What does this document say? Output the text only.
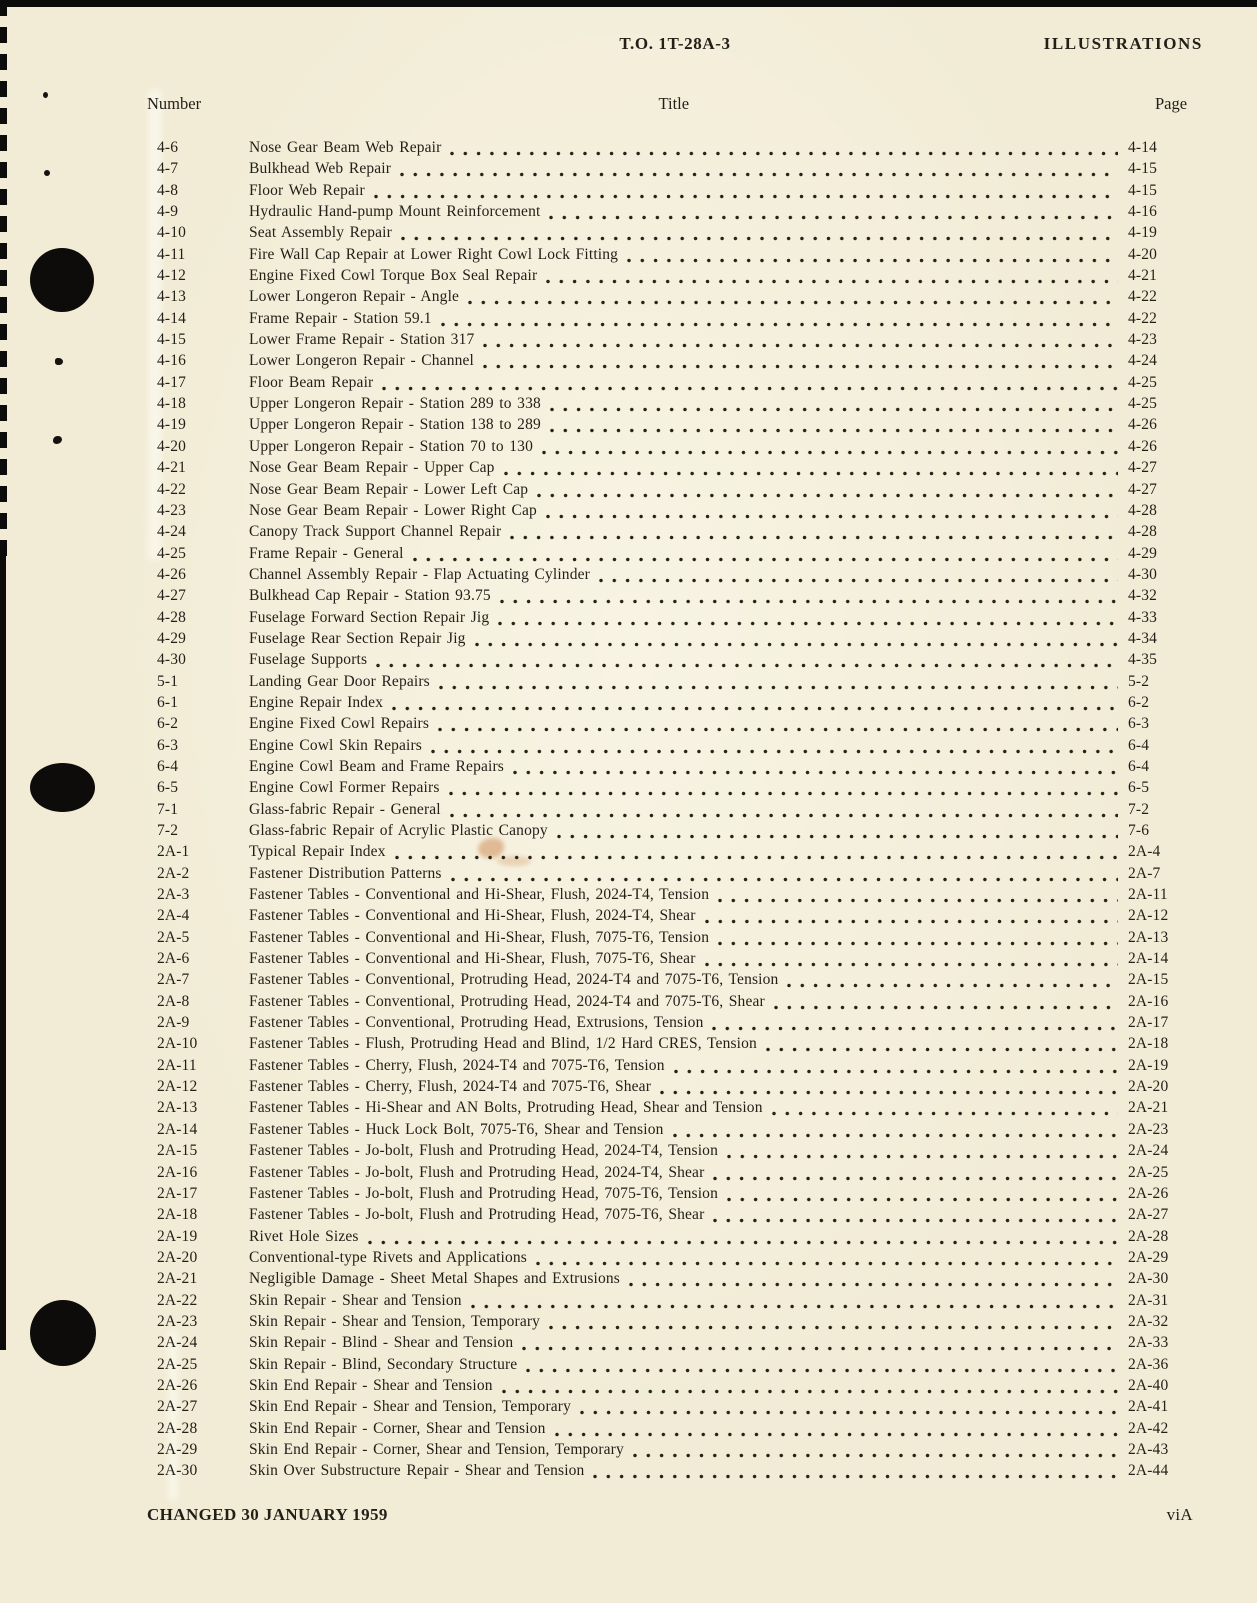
T.O. 1T-28A-3	ILLUSTRATIONS
Number	Title	Page
4-6	Nose Gear Beam Web Repair	4-14
4-7	Bulkhead Web Repair	4-15
4-8	Floor Web Repair	4-15
4-9	Hydraulic Hand-pump Mount Reinforcement	4-16
4-10	Seat Assembly Repair	4-19
4-11	Fire Wall Cap Repair at Lower Right Cowl Lock Fitting	4-20
4-12	Engine Fixed Cowl Torque Box Seal Repair	4-21
4-13	Lower Longeron Repair - Angle	4-22
4-14	Frame Repair - Station 59.1	4-22
4-15	Lower Frame Repair - Station 317	4-23
4-16	Lower Longeron Repair - Channel	4-24
4-17	Floor Beam Repair	4-25
4-18	Upper Longeron Repair - Station 289 to 338	4-25
4-19	Upper Longeron Repair - Station 138 to 289	4-26
4-20	Upper Longeron Repair - Station 70 to 130	4-26
4-21	Nose Gear Beam Repair - Upper Cap	4-27
4-22	Nose Gear Beam Repair - Lower Left Cap	4-27
4-23	Nose Gear Beam Repair - Lower Right Cap	4-28
4-24	Canopy Track Support Channel Repair	4-28
4-25	Frame Repair - General	4-29
4-26	Channel Assembly Repair - Flap Actuating Cylinder	4-30
4-27	Bulkhead Cap Repair - Station 93.75	4-32
4-28	Fuselage Forward Section Repair Jig	4-33
4-29	Fuselage Rear Section Repair Jig	4-34
4-30	Fuselage Supports	4-35
5-1	Landing Gear Door Repairs	5-2
6-1	Engine Repair Index	6-2
6-2	Engine Fixed Cowl Repairs	6-3
6-3	Engine Cowl Skin Repairs	6-4
6-4	Engine Cowl Beam and Frame Repairs	6-4
6-5	Engine Cowl Former Repairs	6-5
7-1	Glass-fabric Repair - General	7-2
7-2	Glass-fabric Repair of Acrylic Plastic Canopy	7-6
2A-1	Typical Repair Index	2A-4
2A-2	Fastener Distribution Patterns	2A-7
2A-3	Fastener Tables - Conventional and Hi-Shear, Flush, 2024-T4, Tension	2A-11
2A-4	Fastener Tables - Conventional and Hi-Shear, Flush, 2024-T4, Shear	2A-12
2A-5	Fastener Tables - Conventional and Hi-Shear, Flush, 7075-T6, Tension	2A-13
2A-6	Fastener Tables - Conventional and Hi-Shear, Flush, 7075-T6, Shear	2A-14
2A-7	Fastener Tables - Conventional, Protruding Head, 2024-T4 and 7075-T6, Tension	2A-15
2A-8	Fastener Tables - Conventional, Protruding Head, 2024-T4 and 7075-T6, Shear	2A-16
2A-9	Fastener Tables - Conventional, Protruding Head, Extrusions, Tension	2A-17
2A-10	Fastener Tables - Flush, Protruding Head and Blind, 1/2 Hard CRES, Tension	2A-18
2A-11	Fastener Tables - Cherry, Flush, 2024-T4 and 7075-T6, Tension	2A-19
2A-12	Fastener Tables - Cherry, Flush, 2024-T4 and 7075-T6, Shear	2A-20
2A-13	Fastener Tables - Hi-Shear and AN Bolts, Protruding Head, Shear and Tension	2A-21
2A-14	Fastener Tables - Huck Lock Bolt, 7075-T6, Shear and Tension	2A-23
2A-15	Fastener Tables - Jo-bolt, Flush and Protruding Head, 2024-T4, Tension	2A-24
2A-16	Fastener Tables - Jo-bolt, Flush and Protruding Head, 2024-T4, Shear	2A-25
2A-17	Fastener Tables - Jo-bolt, Flush and Protruding Head, 7075-T6, Tension	2A-26
2A-18	Fastener Tables - Jo-bolt, Flush and Protruding Head, 7075-T6, Shear	2A-27
2A-19	Rivet Hole Sizes	2A-28
2A-20	Conventional-type Rivets and Applications	2A-29
2A-21	Negligible Damage - Sheet Metal Shapes and Extrusions	2A-30
2A-22	Skin Repair - Shear and Tension	2A-31
2A-23	Skin Repair - Shear and Tension, Temporary	2A-32
2A-24	Skin Repair - Blind - Shear and Tension	2A-33
2A-25	Skin Repair - Blind, Secondary Structure	2A-36
2A-26	Skin End Repair - Shear and Tension	2A-40
2A-27	Skin End Repair - Shear and Tension, Temporary	2A-41
2A-28	Skin End Repair - Corner, Shear and Tension	2A-42
2A-29	Skin End Repair - Corner, Shear and Tension, Temporary	2A-43
2A-30	Skin Over Substructure Repair - Shear and Tension	2A-44
CHANGED 30 JANUARY 1959	viA
